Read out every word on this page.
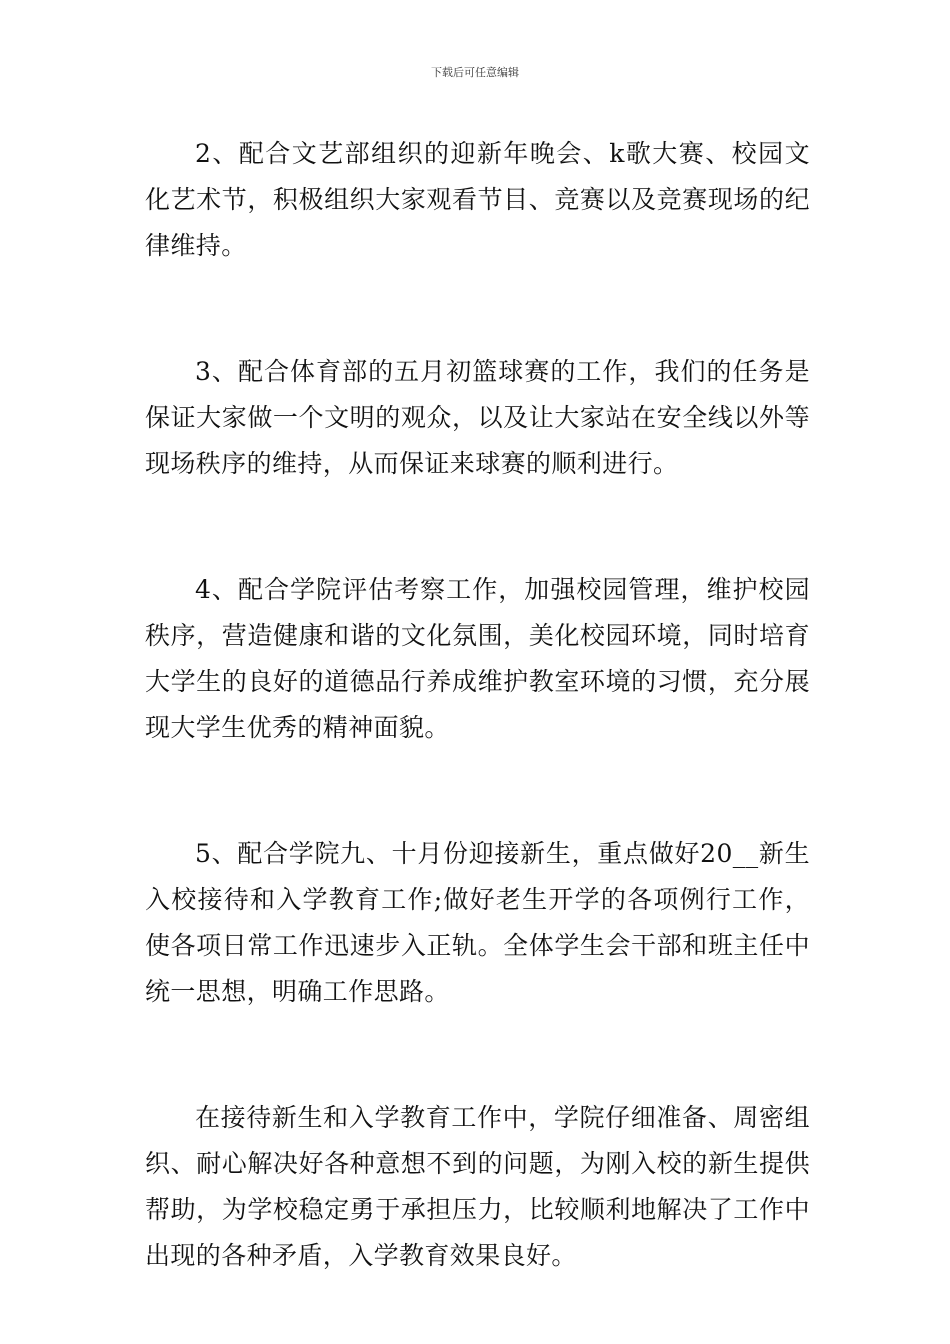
下载后可任意编辑

2、配合文艺部组织的迎新年晚会、k歌大赛、校园文化艺术节，积极组织大家观看节目、竞赛以及竞赛现场的纪律维持。

3、配合体育部的五月初篮球赛的工作，我们的任务是保证大家做一个文明的观众，以及让大家站在安全线以外等现场秩序的维持，从而保证来球赛的顺利进行。

4、配合学院评估考察工作，加强校园管理，维护校园秩序，营造健康和谐的文化氛围，美化校园环境，同时培育大学生的良好的道德品行养成维护教室环境的习惯，充分展现大学生优秀的精神面貌。

5、配合学院九、十月份迎接新生，重点做好20__新生入校接待和入学教育工作;做好老生开学的各项例行工作，使各项日常工作迅速步入正轨。全体学生会干部和班主任中统一思想，明确工作思路。

在接待新生和入学教育工作中，学院仔细准备、周密组织、耐心解决好各种意想不到的问题，为刚入校的新生提供帮助，为学校稳定勇于承担压力，比较顺利地解决了工作中出现的各种矛盾，入学教育效果良好。
